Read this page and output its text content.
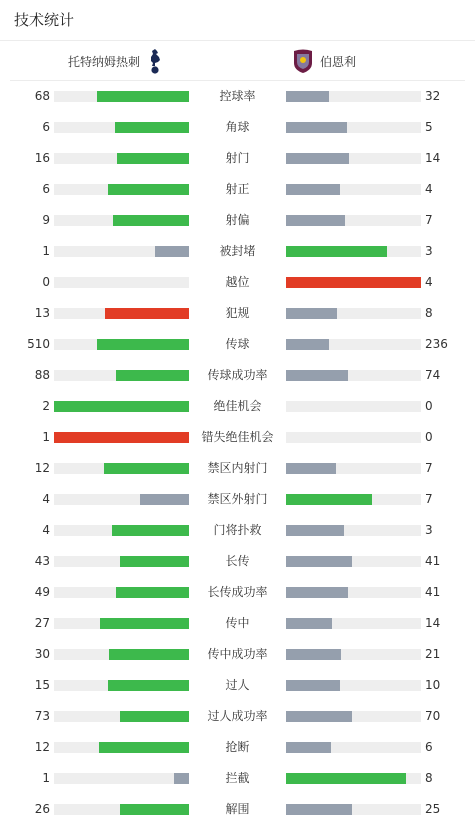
技术统计
托特纳姆热刺	伯恩利
68	控球率	32
6	角球	5
16	射门	14
6	射正	4
9	射偏	7
1	被封堵	3
0	越位	4
13	犯规	8
510	传球	236
88	传球成功率	74
2	绝佳机会	0
1	错失绝佳机会	0
12	禁区内射门	7
4	禁区外射门	7
4	门将扑救	3
43	长传	41
49	长传成功率	41
27	传中	14
30	传中成功率	21
15	过人	10
73	过人成功率	70
12	抢断	6
1	拦截	8
26	解围	25
